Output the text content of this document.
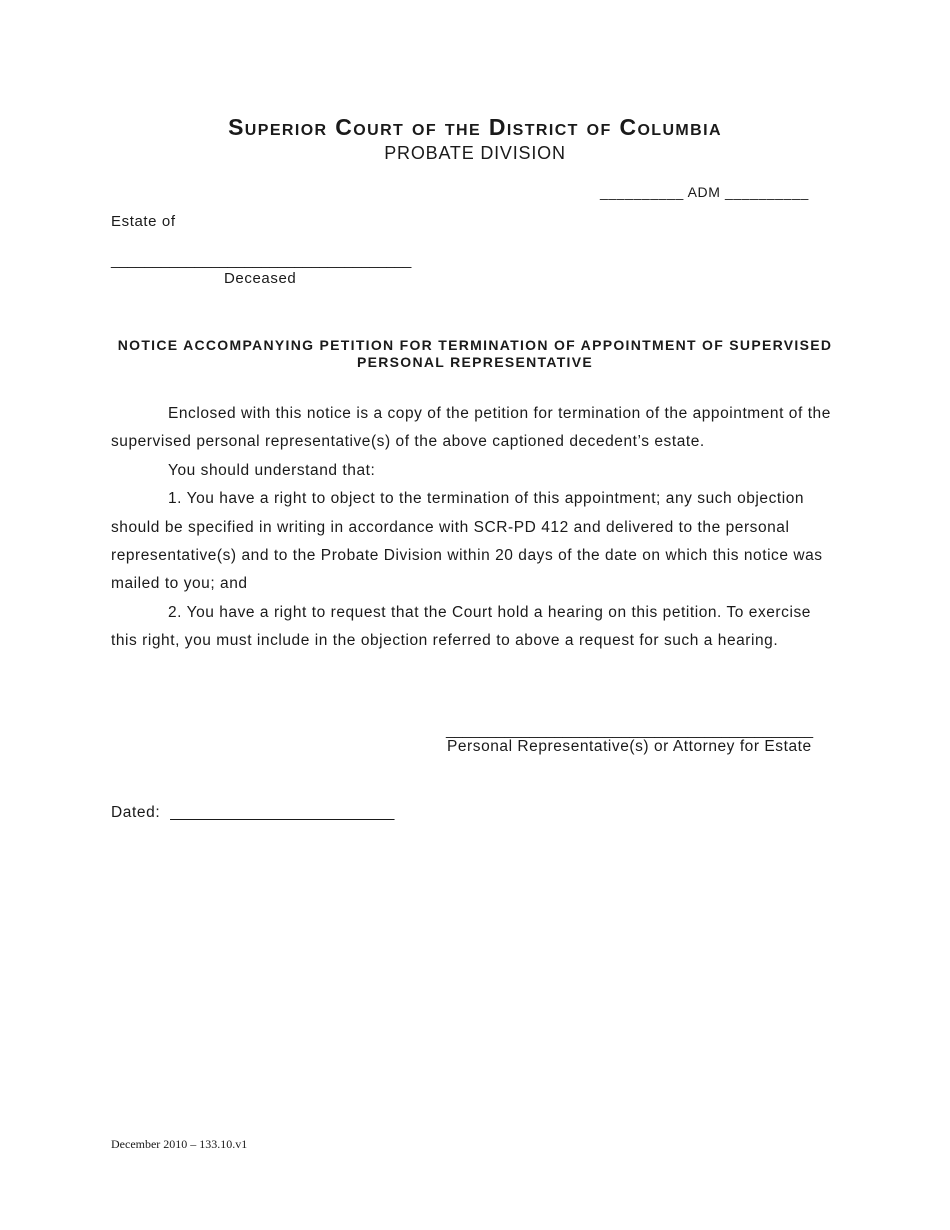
Superior Court of the District of Columbia
PROBATE DIVISION
__________ ADM __________
Estate of
____________________________________
Deceased
NOTICE ACCOMPANYING PETITION FOR TERMINATION OF APPOINTMENT OF SUPERVISED PERSONAL REPRESENTATIVE

Enclosed with this notice is a copy of the petition for termination of the appointment of the supervised personal representative(s) of the above captioned decedent’s estate.

You should understand that:

1. You have a right to object to the termination of this appointment; any such objection should be specified in writing in accordance with SCR-PD 412 and delivered to the personal representative(s) and to the Probate Division within 20 days of the date on which this notice was mailed to you; and

2. You have a right to request that the Court hold a hearing on this petition. To exercise this right, you must include in the objection referred to above a request for such a hearing.

____________________________________________
Personal Representative(s) or Attorney for Estate
Dated: __________________________
December 2010 – 133.10.v1
